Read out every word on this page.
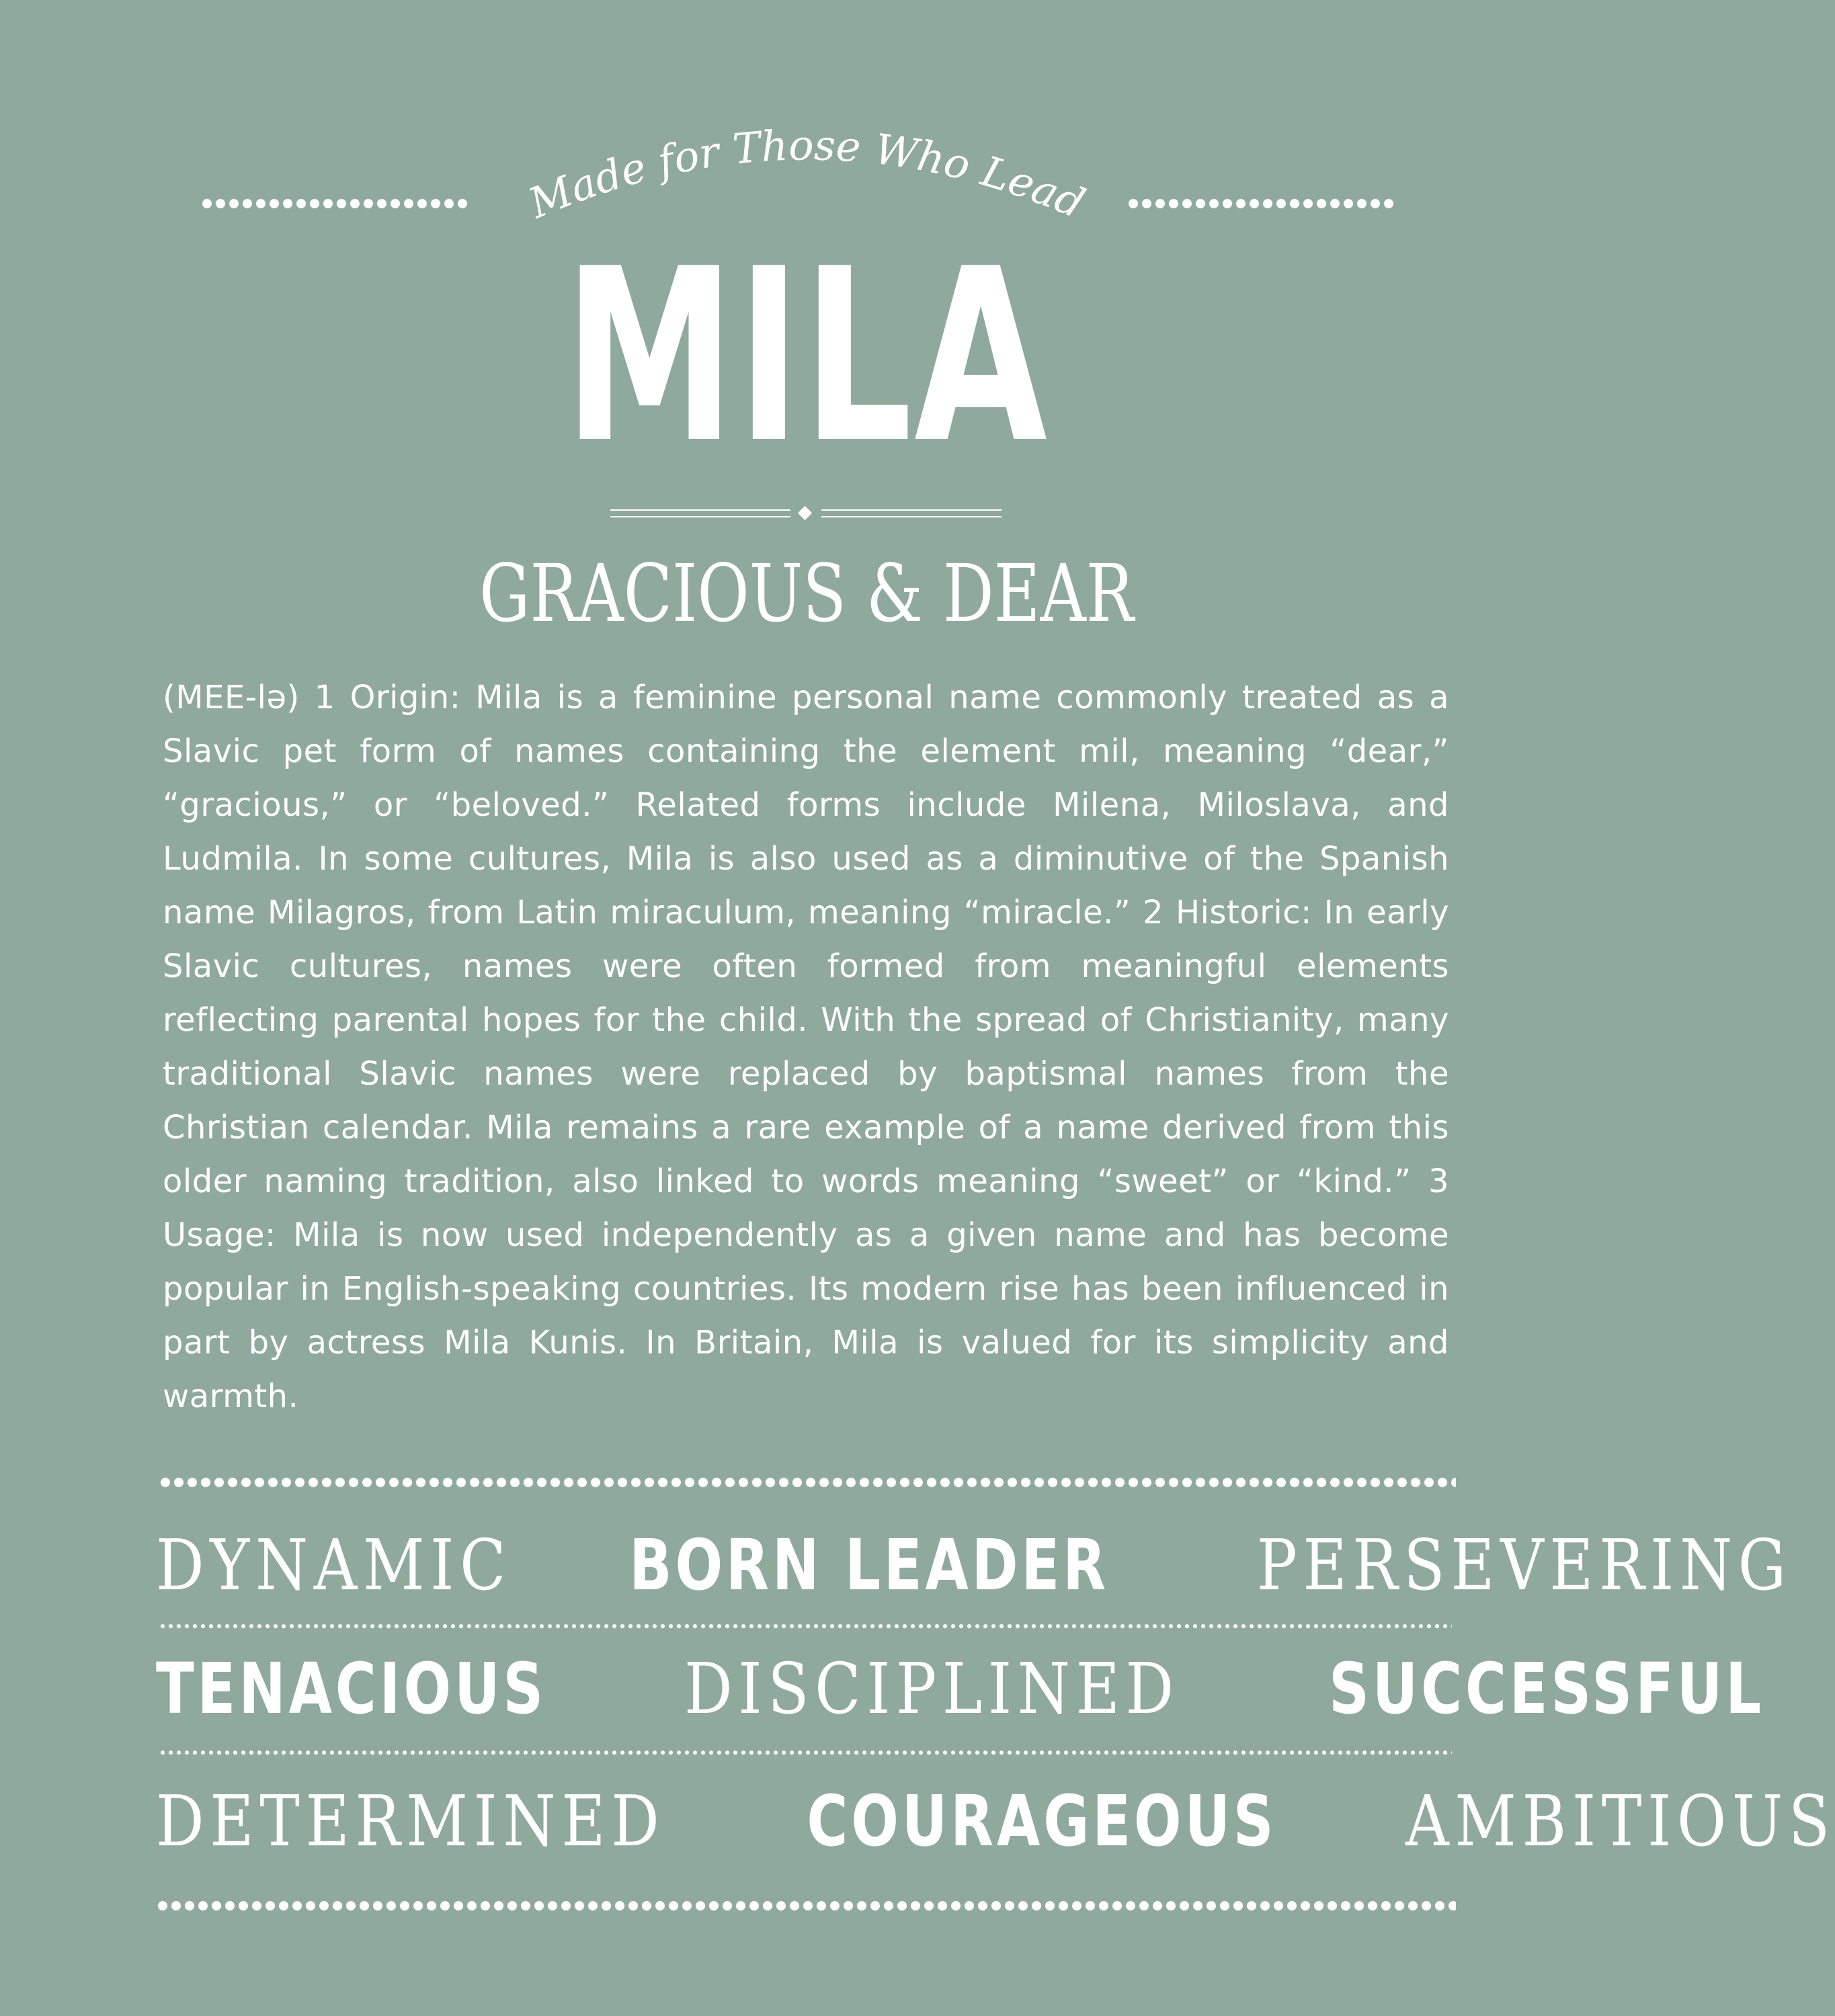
Made for Those Who Lead
MILA
GRACIOUS & DEAR
(MEE-lə) 1 Origin: Mila is a feminine personal name commonly treated as a Slavic pet form of names containing the element mil, meaning “dear,” “gracious,” or “beloved.” Related forms include Milena, Miloslava, and Ludmila. In some cultures, Mila is also used as a diminutive of the Spanish name Milagros, from Latin miraculum, meaning “miracle.” 2 Historic: In early Slavic cultures, names were often formed from meaningful elements reflecting parental hopes for the child. With the spread of Christianity, many traditional Slavic names were replaced by baptismal names from the Christian calendar. Mila remains a rare example of a name derived from this older naming tradition, also linked to words meaning “sweet” or “kind.” 3 Usage: Mila is now used independently as a given name and has become popular in English-speaking countries. Its modern rise has been influenced in part by actress Mila Kunis. In Britain, Mila is valued for its simplicity and warmth.
DYNAMIC BORN LEADER PERSEVERING
TENACIOUS DISCIPLINED SUCCESSFUL
DETERMINED COURAGEOUS AMBITIOUS
